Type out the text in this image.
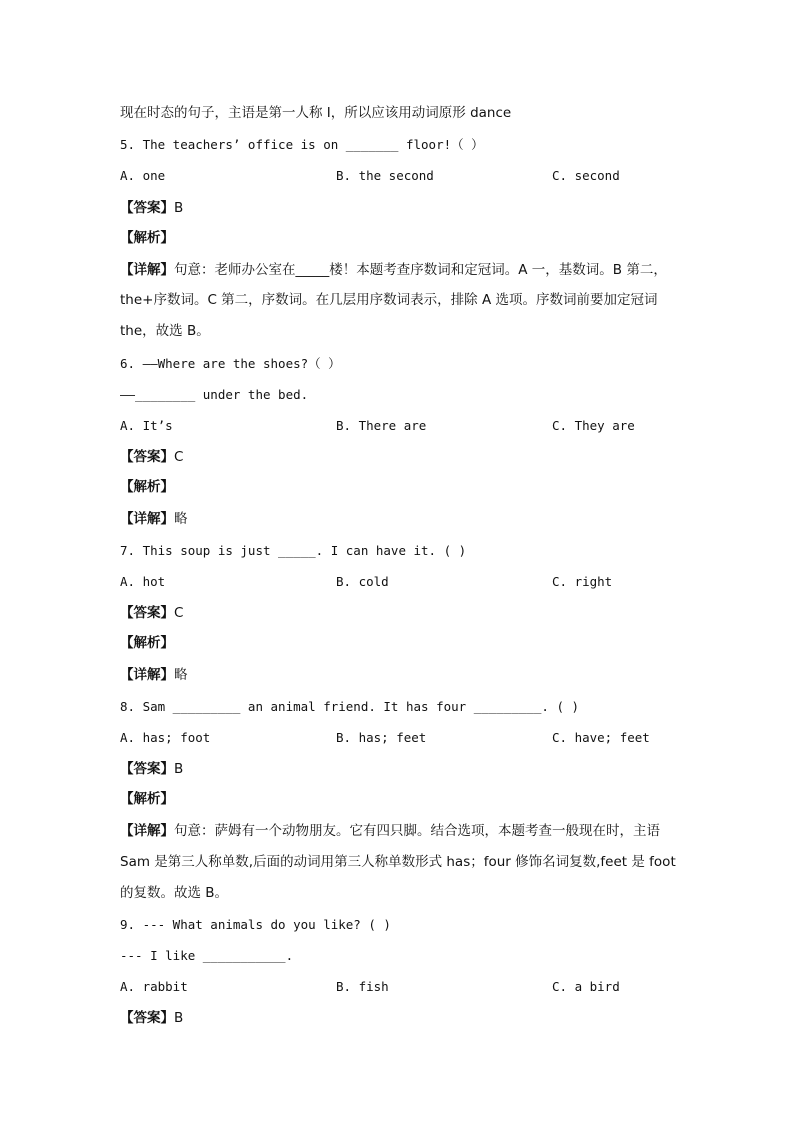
现在时态的句子，主语是第一人称 I，所以应该用动词原形 dance
5. The teachers’ office is on _______ floor!（ ）
A. one	B. the second	C. second
【答案】B
【解析】
【详解】句意：老师办公室在_____楼！本题考查序数词和定冠词。A 一，基数词。B 第二，
the+序数词。C 第二，序数词。在几层用序数词表示，排除 A 选项。序数词前要加定冠词
the，故选 B。
6. ——Where are the shoes?（ ）
——________ under the bed.
A. It’s	B. There are	C. They are
【答案】C
【解析】
【详解】略
7. This soup is just _____. I can have it. ( )
A. hot	B. cold	C. right
【答案】C
【解析】
【详解】略
8. Sam _________ an animal friend. It has four _________. ( )
A. has; foot	B. has; feet	C. have; feet
【答案】B
【解析】
【详解】句意：萨姆有一个动物朋友。它有四只脚。结合选项，本题考查一般现在时，主语
Sam 是第三人称单数,后面的动词用第三人称单数形式 has；four 修饰名词复数,feet 是 foot
的复数。故选 B。
9. --- What animals do you like? ( )
--- I like ___________.
A. rabbit	B. fish	C. a bird
【答案】B
